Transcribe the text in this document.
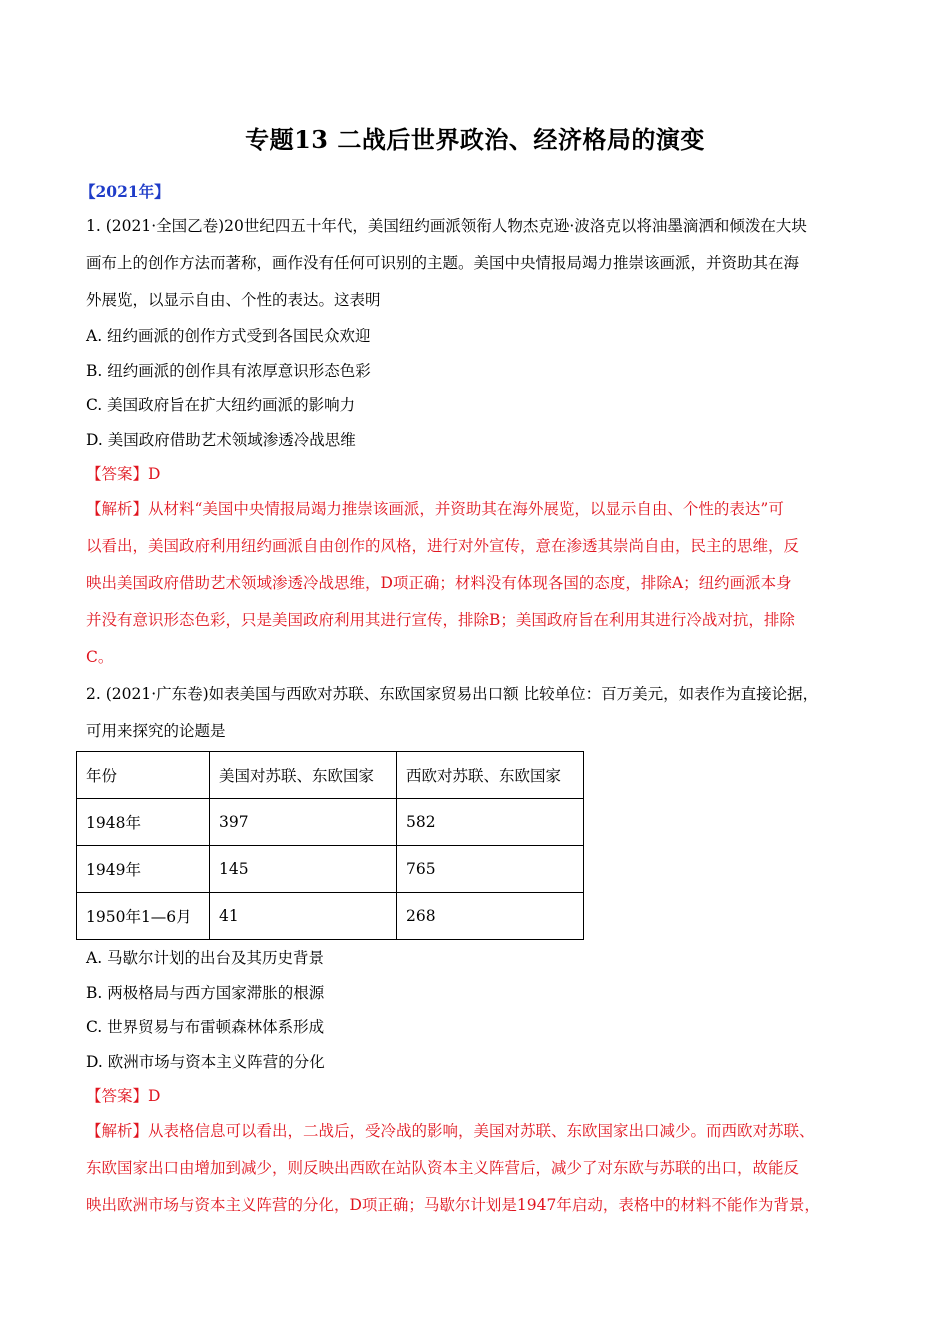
专题13 二战后世界政治、经济格局的演变
【2021年】
1. (2021·全国乙卷)20世纪四五十年代，美国纽约画派领衔人物杰克逊·波洛克以将油墨滴洒和倾泼在大块
画布上的创作方法而著称，画作没有任何可识别的主题。美国中央情报局竭力推崇该画派，并资助其在海
外展览，以显示自由、个性的表达。这表明
A. 纽约画派的创作方式受到各国民众欢迎
B. 纽约画派的创作具有浓厚意识形态色彩
C. 美国政府旨在扩大纽约画派的影响力
D. 美国政府借助艺术领域渗透冷战思维
【答案】D
【解析】从材料“美国中央情报局竭力推崇该画派，并资助其在海外展览，以显示自由、个性的表达”可
以看出，美国政府利用纽约画派自由创作的风格，进行对外宣传，意在渗透其崇尚自由，民主的思维，反
映出美国政府借助艺术领域渗透冷战思维，D项正确；材料没有体现各国的态度，排除A；纽约画派本身
并没有意识形态色彩，只是美国政府利用其进行宣传，排除B；美国政府旨在利用其进行冷战对抗，排除
C。
2. (2021·广东卷)如表美国与西欧对苏联、东欧国家贸易出口额 比较单位：百万美元，如表作为直接论据，
可用来探究的论题是
年份	美国对苏联、东欧国家	西欧对苏联、东欧国家
1948年	397	582
1949年	145	765
1950年1—6月	41	268
A. 马歇尔计划的出台及其历史背景
B. 两极格局与西方国家滞胀的根源
C. 世界贸易与布雷顿森林体系形成
D. 欧洲市场与资本主义阵营的分化
【答案】D
【解析】从表格信息可以看出，二战后，受冷战的影响，美国对苏联、东欧国家出口减少。而西欧对苏联、
东欧国家出口由增加到减少，则反映出西欧在站队资本主义阵营后，减少了对东欧与苏联的出口，故能反
映出欧洲市场与资本主义阵营的分化，D项正确；马歇尔计划是1947年启动，表格中的材料不能作为背景，
